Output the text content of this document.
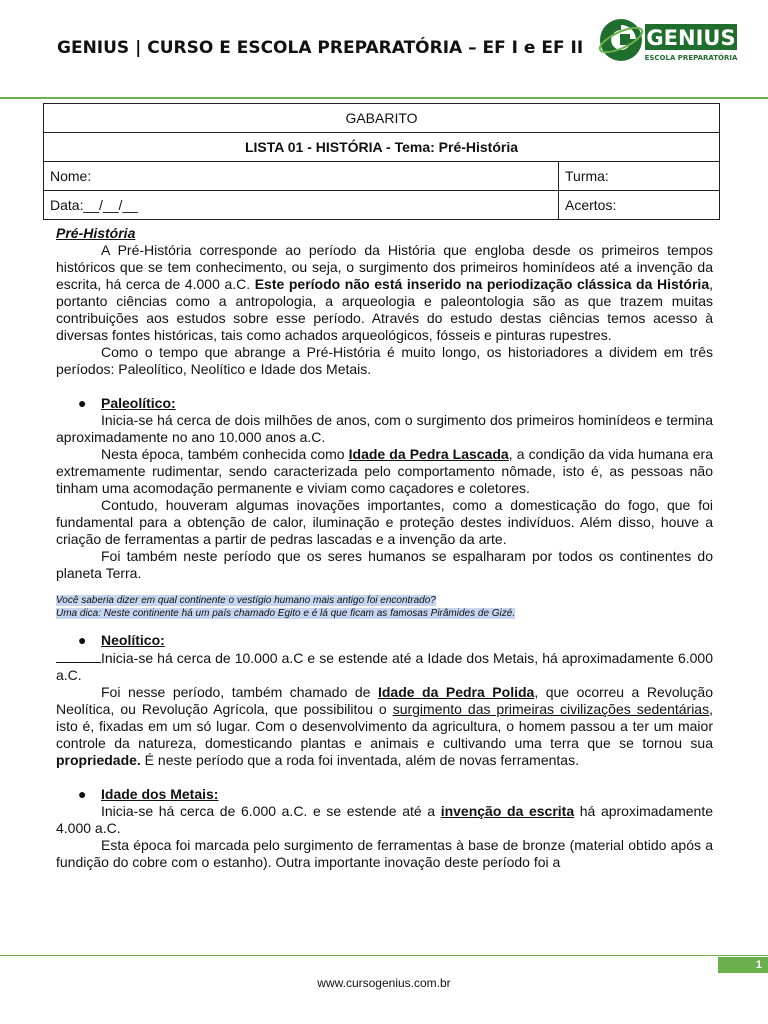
GENIUS | CURSO E ESCOLA PREPARATÓRIA – EF I e EF II	GENIUS
ESCOLA PREPARATÓRIA
GABARITO	
LISTA 01 - HISTÓRIA - Tema: Pré-História	
Nome:	Turma:
Data:__/__/__	Acertos:

Pré-História

A Pré-História corresponde ao período da História que engloba desde os primeiros tempos históricos que se tem conhecimento, ou seja, o surgimento dos primeiros hominídeos até a invenção da escrita, há cerca de 4.000 a.C. Este período não está inserido na periodização clássica da História, portanto ciências como a antropologia, a arqueologia e paleontologia são as que trazem muitas contribuições aos estudos sobre esse período. Através do estudo destas ciências temos acesso à diversas fontes históricas, tais como achados arqueológicos, fósseis e pinturas rupestres.

Como o tempo que abrange a Pré-História é muito longo, os historiadores a dividem em três períodos: Paleolítico, Neolítico e Idade dos Metais.

● Paleolítico:

Inicia-se há cerca de dois milhões de anos, com o surgimento dos primeiros hominídeos e termina aproximadamente no ano 10.000 anos a.C.

Nesta época, também conhecida como Idade da Pedra Lascada, a condição da vida humana era extremamente rudimentar, sendo caracterizada pelo comportamento nômade, isto é, as pessoas não tinham uma acomodação permanente e viviam como caçadores e coletores.

Contudo, houveram algumas inovações importantes, como a domesticação do fogo, que foi fundamental para a obtenção de calor, iluminação e proteção destes indivíduos. Além disso, houve a criação de ferramentas a partir de pedras lascadas e a invenção da arte.

Foi também neste período que os seres humanos se espalharam por todos os continentes do planeta Terra.

Você saberia dizer em qual continente o vestígio humano mais antigo foi encontrado?

Uma dica: Neste continente há um país chamado Egito e é lá que ficam as famosas Pirâmides de Gizé.

● Neolítico:

Inicia-se há cerca de 10.000 a.C e se estende até a Idade dos Metais, há aproximadamente 6.000 a.C.

Foi nesse período, também chamado de Idade da Pedra Polida, que ocorreu a Revolução Neolítica, ou Revolução Agrícola, que possibilitou o surgimento das primeiras civilizações sedentárias, isto é, fixadas em um só lugar. Com o desenvolvimento da agricultura, o homem passou a ter um maior controle da natureza, domesticando plantas e animais e cultivando uma terra que se tornou sua propriedade. É neste período que a roda foi inventada, além de novas ferramentas.

● Idade dos Metais:

Inicia-se há cerca de 6.000 a.C. e se estende até a invenção da escrita há aproximadamente 4.000 a.C.

Esta época foi marcada pelo surgimento de ferramentas à base de bronze (material obtido após a fundição do cobre com o estanho). Outra importante inovação deste período foi a

1
www.cursogenius.com.br
